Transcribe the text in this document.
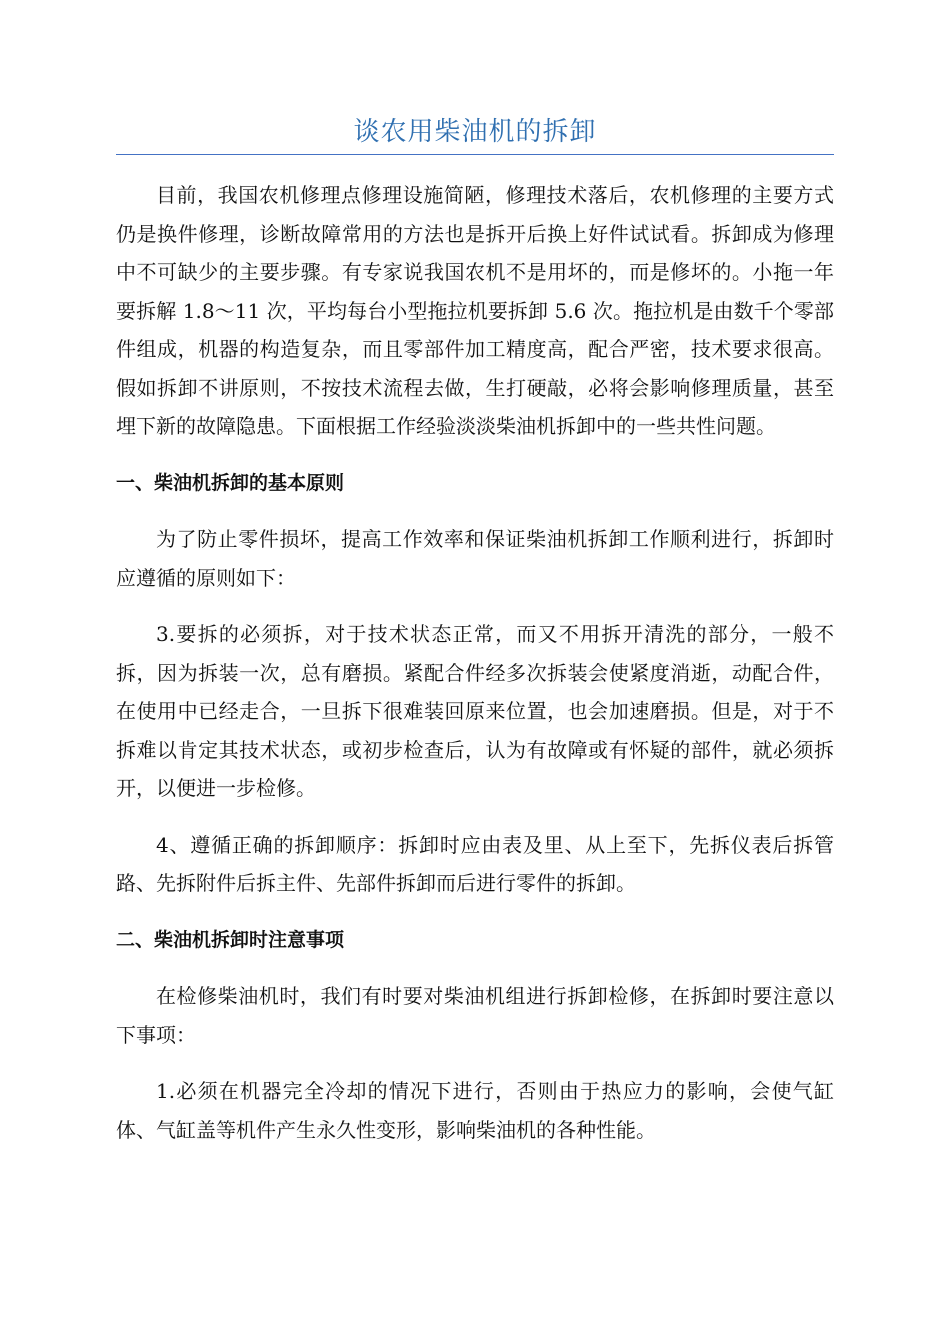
谈农用柴油机的拆卸

目前，我国农机修理点修理设施简陋，修理技术落后，农机修理的主要方式仍是换件修理，诊断故障常用的方法也是拆开后换上好件试试看。拆卸成为修理中不可缺少的主要步骤。有专家说我国农机不是用坏的，而是修坏的。小拖一年要拆解 1.8～11 次，平均每台小型拖拉机要拆卸 5.6 次。拖拉机是由数千个零部件组成，机器的构造复杂，而且零部件加工精度高，配合严密，技术要求很高。假如拆卸不讲原则，不按技术流程去做，生打硬敲，必将会影响修理质量，甚至埋下新的故障隐患。下面根据工作经验淡淡柴油机拆卸中的一些共性问题。

一、柴油机拆卸的基本原则

为了防止零件损坏，提高工作效率和保证柴油机拆卸工作顺利进行，拆卸时应遵循的原则如下：

3.要拆的必须拆，对于技术状态正常，而又不用拆开清洗的部分，一般不拆，因为拆装一次，总有磨损。紧配合件经多次拆装会使紧度消逝，动配合件，在使用中已经走合，一旦拆下很难装回原来位置，也会加速磨损。但是，对于不拆难以肯定其技术状态，或初步检查后，认为有故障或有怀疑的部件，就必须拆开，以便进一步检修。

4、遵循正确的拆卸顺序：拆卸时应由表及里、从上至下，先拆仪表后拆管路、先拆附件后拆主件、先部件拆卸而后进行零件的拆卸。

二、柴油机拆卸时注意事项

在检修柴油机时，我们有时要对柴油机组进行拆卸检修，在拆卸时要注意以下事项：

1.必须在机器完全冷却的情况下进行，否则由于热应力的影响，会使气缸体、气缸盖等机件产生永久性变形，影响柴油机的各种性能。
